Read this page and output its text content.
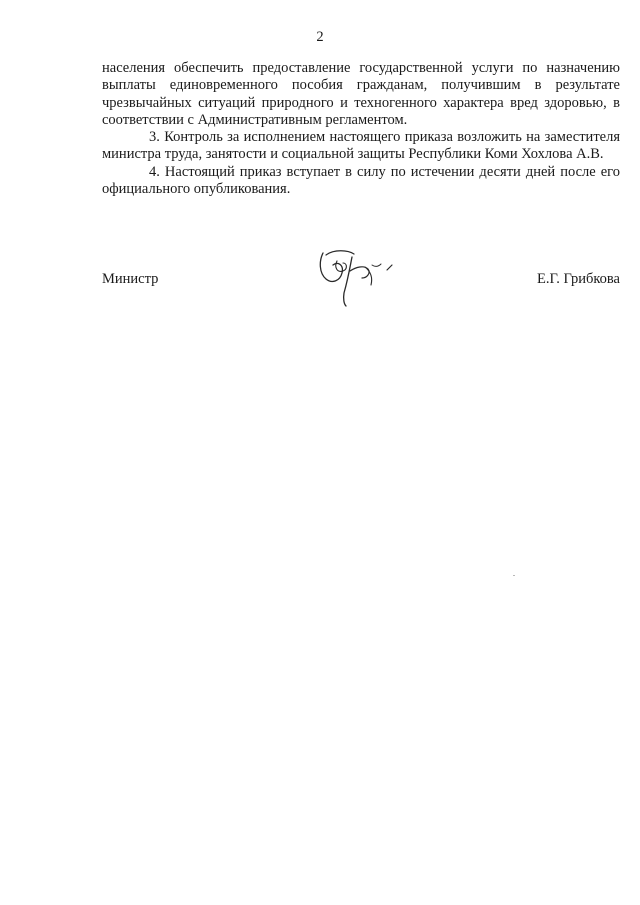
2

населения обеспечить предоставление государственной услуги по назначению выплаты единовременного пособия гражданам, получившим в результате чрезвычайных ситуаций природного и техногенного характера вред здоровью, в соответствии с Административным регламентом.

3. Контроль за исполнением настоящего приказа возложить на заместителя министра труда, занятости и социальной защиты Республики Коми Хохлова А.В.

4. Настоящий приказ вступает в силу по истечении десяти дней после его официального опубликования.

Министр	Е.Г. Грибкова
